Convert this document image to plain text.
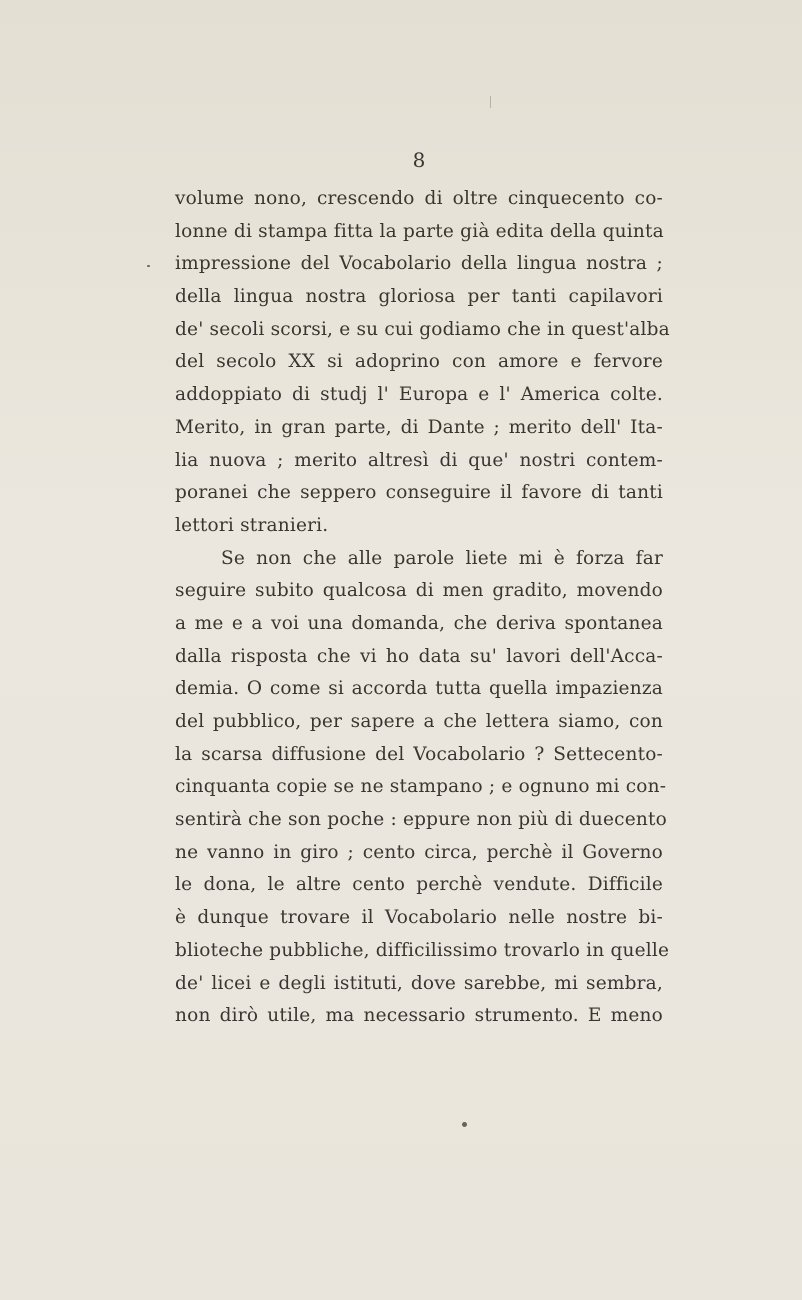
8
volume nono, crescendo di oltre cinquecento co-
lonne di stampa fitta la parte già edita della quinta
impressione del Vocabolario della lingua nostra ;
della lingua nostra gloriosa per tanti capilavori
de' secoli scorsi, e su cui godiamo che in quest'alba
del secolo XX si adoprino con amore e fervore
addoppiato di studj l' Europa e l' America colte.
Merito, in gran parte, di Dante ; merito dell' Ita-
lia nuova ; merito altresì di que' nostri contem-
poranei che seppero conseguire il favore di tanti
lettori stranieri.
Se non che alle parole liete mi è forza far
seguire subito qualcosa di men gradito, movendo
a me e a voi una domanda, che deriva spontanea
dalla risposta che vi ho data su' lavori dell'Acca-
demia. O come si accorda tutta quella impazienza
del pubblico, per sapere a che lettera siamo, con
la scarsa diffusione del Vocabolario ? Settecento-
cinquanta copie se ne stampano ; e ognuno mi con-
sentirà che son poche : eppure non più di duecento
ne vanno in giro ; cento circa, perchè il Governo
le dona, le altre cento perchè vendute. Difficile
è dunque trovare il Vocabolario nelle nostre bi-
blioteche pubbliche, difficilissimo trovarlo in quelle
de' licei e degli istituti, dove sarebbe, mi sembra,
non dirò utile, ma necessario strumento. E meno
